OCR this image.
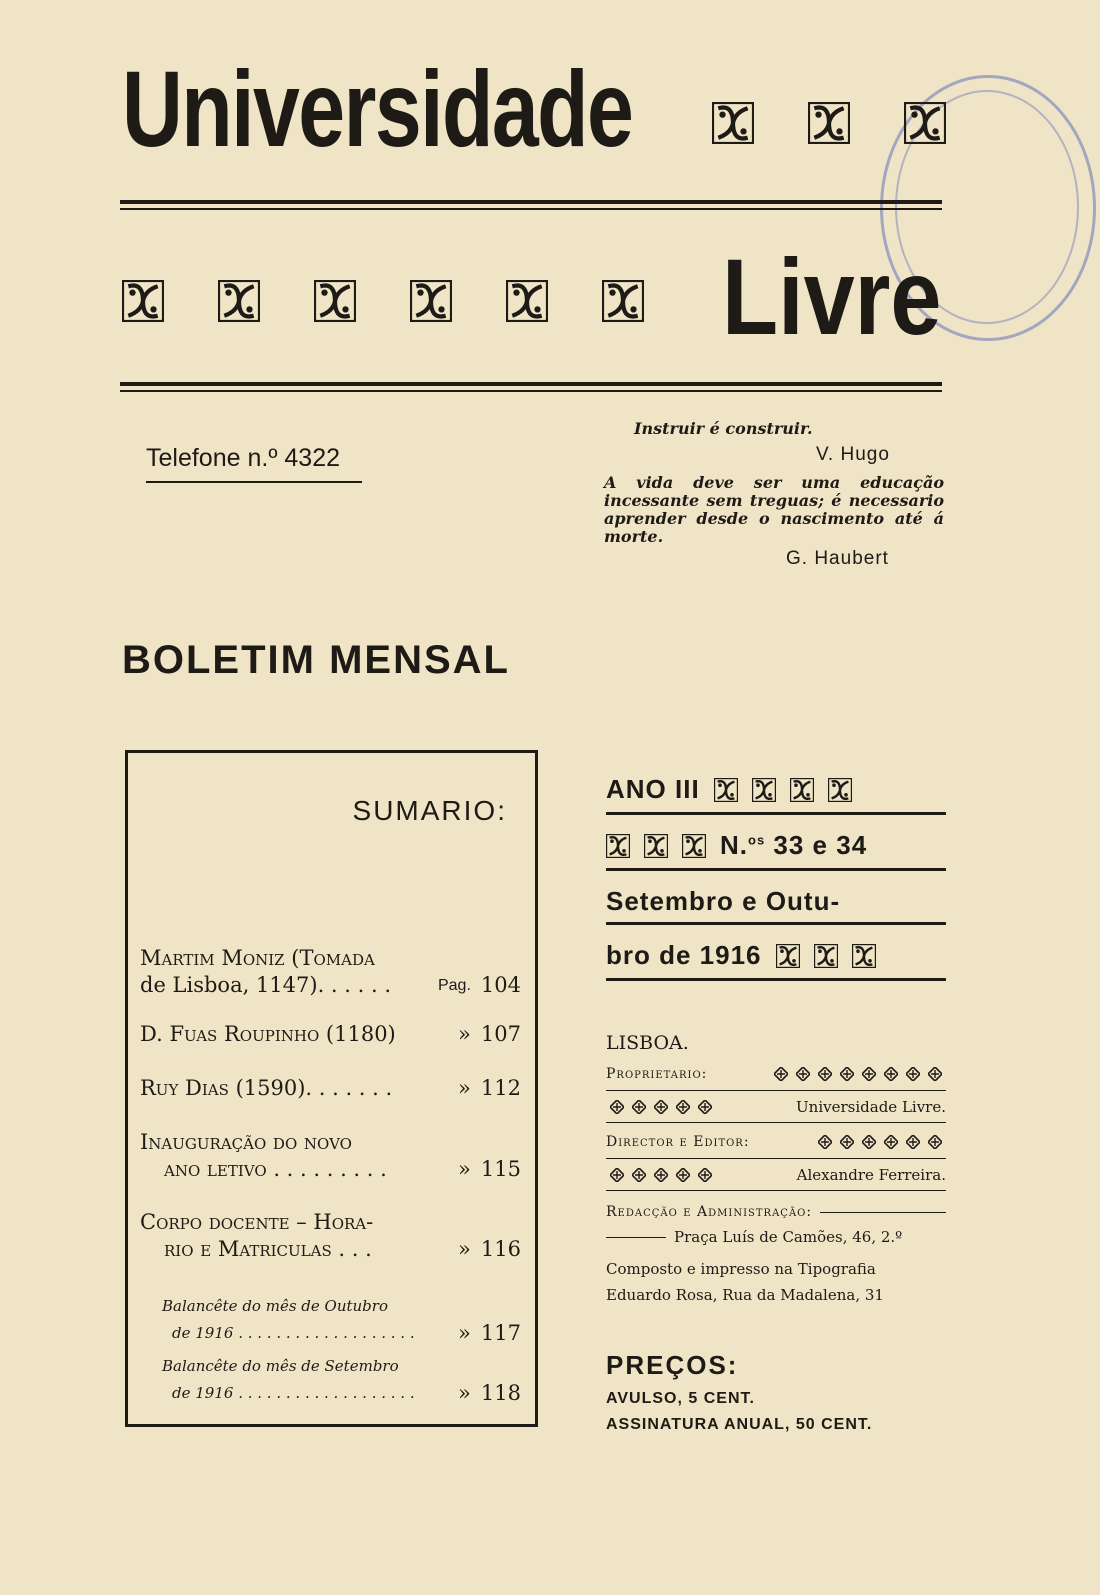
Universidade
Livre
Telefone n.º 4322
Instruir é construir.
V. Hugo
A vida deve ser uma educação incessante sem treguas; é necessario aprender desde o nascimento até á morte.
G. Haubert
BOLETIM MENSAL
SUMARIO:
Martim Moniz (Tomada
de Lisboa, 1147). . . . . .	Pag. 104
D. Fuas Roupinho (1180)	» 107
Ruy Dias (1590). . . . . . .	» 112
Inauguração do novo
ano letivo . . . . . . . . .	» 115
Corpo docente – Hora-
rio e Matriculas . . .	» 116
Balancête do mês de Outubro
de 1916 . . . . . . . . . . . . . . . . . . . » 117
Balancête do mês de Setembro
de 1916 . . . . . . . . . . . . . . . . . . . » 118
ANO III
N.$^{os}$ 33 e 34
Setembro e Outu-
bro de 1916
LISBOA.
Proprietario:
Universidade Livre.
Director e Editor:
Alexandre Ferreira.
Redacção e Administração:
Praça Luís de Camões, 46, 2.º
Composto e impresso na Tipografia
Eduardo Rosa, Rua da Madalena, 31
PREÇOS:
AVULSO, 5 CENT.
ASSINATURA ANUAL, 50 CENT.
